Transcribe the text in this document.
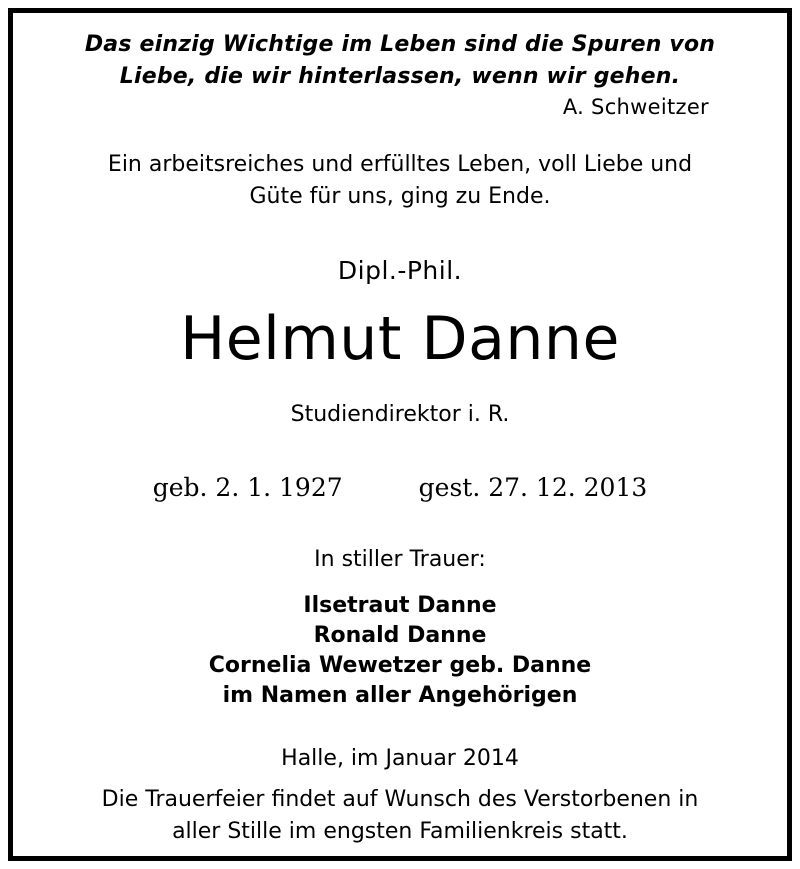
Das einzig Wichtige im Leben sind die Spuren von
Liebe, die wir hinterlassen, wenn wir gehen.
A. Schweitzer
Ein arbeitsreiches und erfülltes Leben, voll Liebe und
Güte für uns, ging zu Ende.
Dipl.-Phil.
Helmut Danne
Studiendirektor i. R.
geb. 2. 1. 1927	gest. 27. 12. 2013
In stiller Trauer:
Ilsetraut Danne
Ronald Danne
Cornelia Wewetzer geb. Danne
im Namen aller Angehörigen
Halle, im Januar 2014
Die Trauerfeier findet auf Wunsch des Verstorbenen in
aller Stille im engsten Familienkreis statt.
